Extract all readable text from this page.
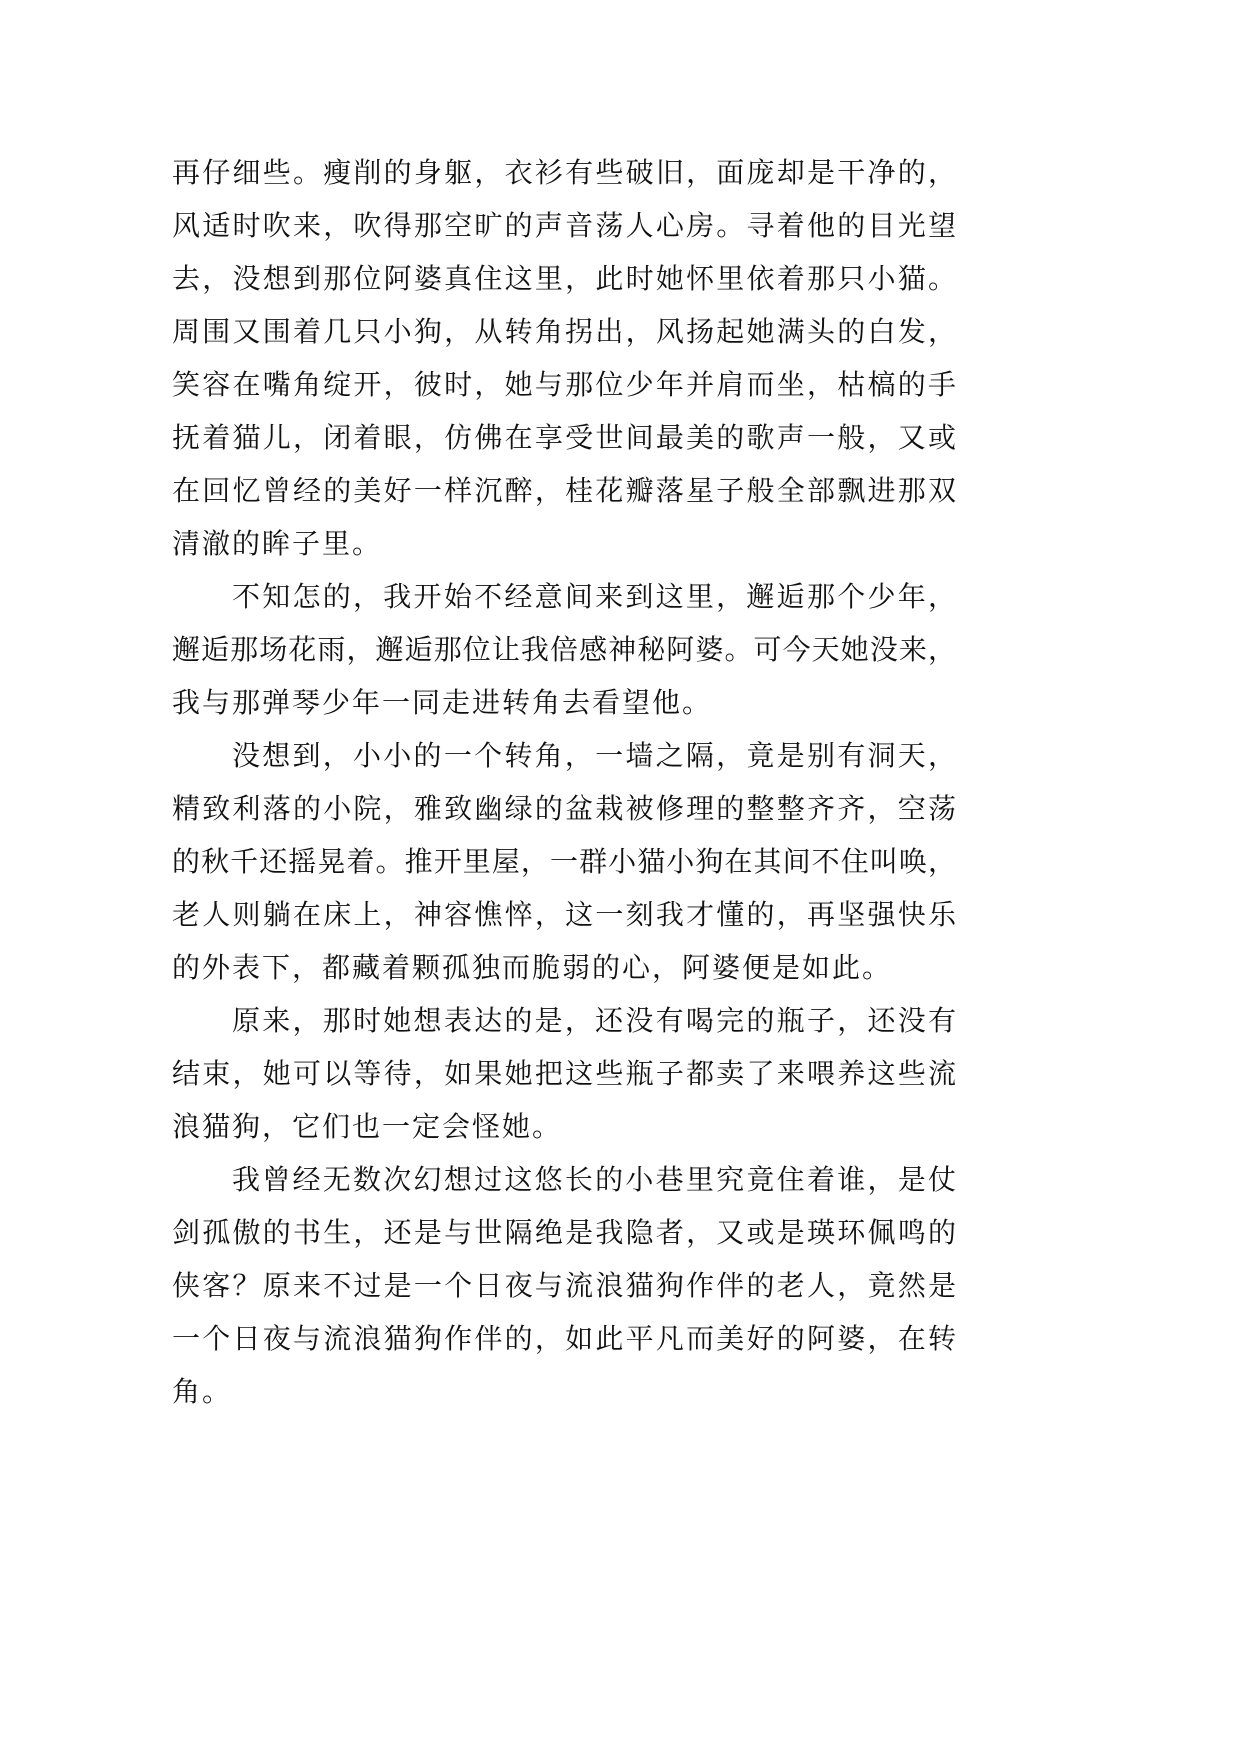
再仔细些。瘦削的身躯，衣衫有些破旧，面庞却是干净的，
风适时吹来，吹得那空旷的声音荡人心房。寻着他的目光望
去，没想到那位阿婆真住这里，此时她怀里依着那只小猫。
周围又围着几只小狗，从转角拐出，风扬起她满头的白发，
笑容在嘴角绽开，彼时，她与那位少年并肩而坐，枯槁的手
抚着猫儿，闭着眼，仿佛在享受世间最美的歌声一般，又或
在回忆曾经的美好一样沉醉，桂花瓣落星子般全部飘进那双
清澈的眸子里。
不知怎的，我开始不经意间来到这里，邂逅那个少年，
邂逅那场花雨，邂逅那位让我倍感神秘阿婆。可今天她没来，
我与那弹琴少年一同走进转角去看望他。
没想到，小小的一个转角，一墙之隔，竟是别有洞天，
精致利落的小院，雅致幽绿的盆栽被修理的整整齐齐，空荡
的秋千还摇晃着。推开里屋，一群小猫小狗在其间不住叫唤，
老人则躺在床上，神容憔悴，这一刻我才懂的，再坚强快乐
的外表下，都藏着颗孤独而脆弱的心，阿婆便是如此。
原来，那时她想表达的是，还没有喝完的瓶子，还没有
结束，她可以等待，如果她把这些瓶子都卖了来喂养这些流
浪猫狗，它们也一定会怪她。
我曾经无数次幻想过这悠长的小巷里究竟住着谁，是仗
剑孤傲的书生，还是与世隔绝是我隐者，又或是瑛环佩鸣的
侠客？原来不过是一个日夜与流浪猫狗作伴的老人，竟然是
一个日夜与流浪猫狗作伴的，如此平凡而美好的阿婆，在转
角。
